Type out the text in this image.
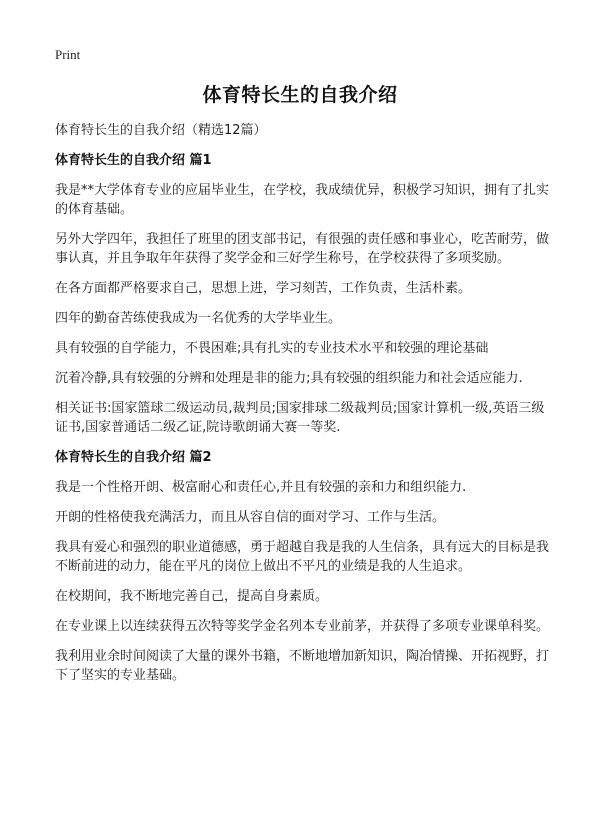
Print
体育特长生的自我介绍

体育特长生的自我介绍（精选12篇）

体育特长生的自我介绍 篇1

我是**大学体育专业的应届毕业生，在学校，我成绩优异，积极学习知识，拥有了扎实的体育基础。

另外大学四年，我担任了班里的团支部书记，有很强的责任感和事业心，吃苦耐劳，做事认真，并且争取年年获得了奖学金和三好学生称号，在学校获得了多项奖励。

在各方面都严格要求自己，思想上进，学习刻苦，工作负责，生活朴素。

四年的勤奋苦练使我成为一名优秀的大学毕业生。

具有较强的自学能力，不畏困难;具有扎实的专业技术水平和较强的理论基础

沉着冷静,具有较强的分辨和处理是非的能力;具有较强的组织能力和社会适应能力.

相关证书:国家篮球二级运动员,裁判员;国家排球二级裁判员;国家计算机一级,英语三级证书,国家普通话二级乙证,院诗歌朗诵大赛一等奖.

体育特长生的自我介绍 篇2

我是一个性格开朗、极富耐心和责任心,并且有较强的亲和力和组织能力.

开朗的性格使我充满活力，而且从容自信的面对学习、工作与生活。

我具有爱心和强烈的职业道德感，勇于超越自我是我的人生信条，具有远大的目标是我不断前进的动力，能在平凡的岗位上做出不平凡的业绩是我的人生追求。

在校期间，我不断地完善自己，提高自身素质。

在专业课上以连续获得五次特等奖学金名列本专业前茅，并获得了多项专业课单科奖。

我利用业余时间阅读了大量的课外书籍，不断地增加新知识，陶冶情操、开拓视野，打下了坚实的专业基础。
